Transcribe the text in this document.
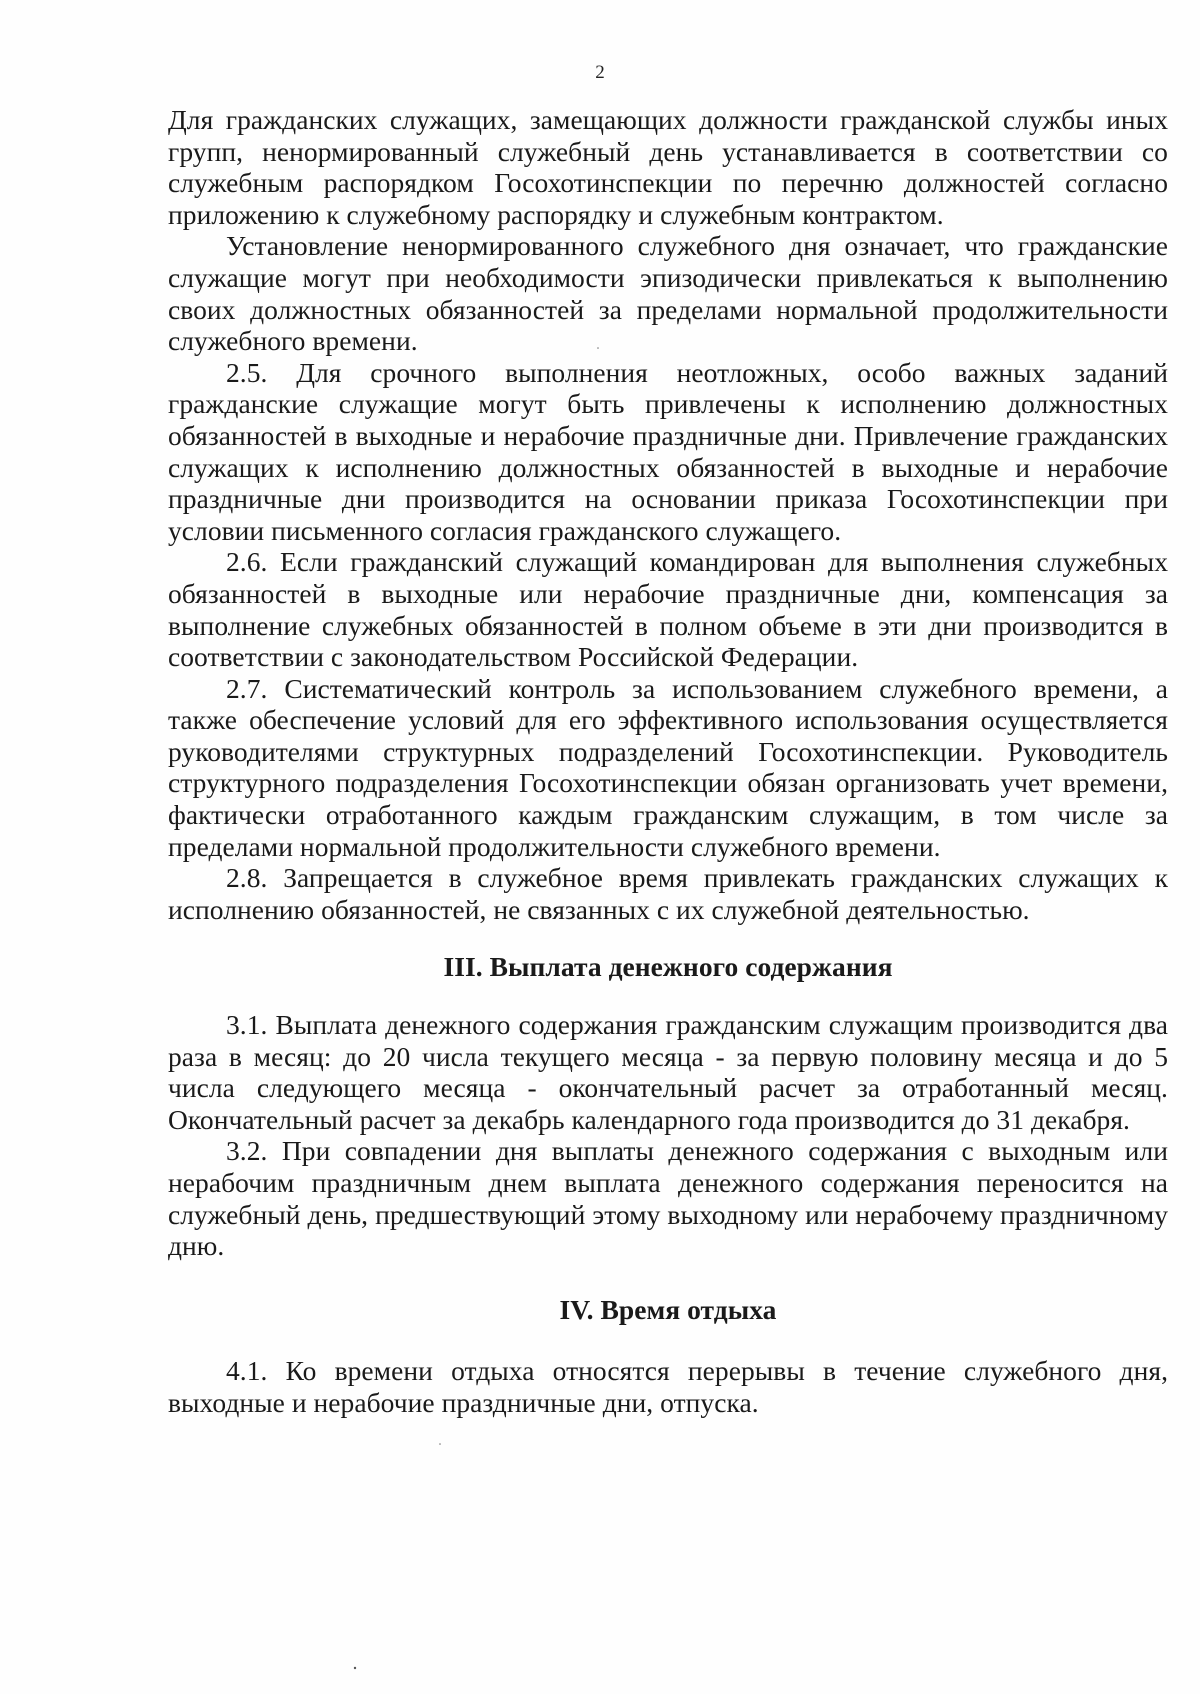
2

Для гражданских служащих, замещающих должности гражданской службы иных групп, ненормированный служебный день устанавливается в соответствии со служебным распорядком Госохотинспекции по перечню должностей согласно приложению к служебному распорядку и служебным контрактом.

Установление ненормированного служебного дня означает, что гражданские служащие могут при необходимости эпизодически привлекаться к выполнению своих должностных обязанностей за пределами нормальной продолжительности служебного времени.

2.5. Для срочного выполнения неотложных, особо важных заданий гражданские служащие могут быть привлечены к исполнению должностных обязанностей в выходные и нерабочие праздничные дни. Привлечение гражданских служащих к исполнению должностных обязанностей в выходные и нерабочие праздничные дни производится на основании приказа Госохотинспекции при условии письменного согласия гражданского служащего.

2.6. Если гражданский служащий командирован для выполнения служебных обязанностей в выходные или нерабочие праздничные дни, компенсация за выполнение служебных обязанностей в полном объеме в эти дни производится в соответствии с законодательством Российской Федерации.

2.7. Систематический контроль за использованием служебного времени, а также обеспечение условий для его эффективного использования осуществляется руководителями структурных подразделений Госохотинспекции. Руководитель структурного подразделения Госохотинспекции обязан организовать учет времени, фактически отработанного каждым гражданским служащим, в том числе за пределами нормальной продолжительности служебного времени.

2.8. Запрещается в служебное время привлекать гражданских служащих к исполнению обязанностей, не связанных с их служебной деятельностью.

III. Выплата денежного содержания

3.1. Выплата денежного содержания гражданским служащим производится два раза в месяц: до 20 числа текущего месяца - за первую половину месяца и до 5 числа следующего месяца - окончательный расчет за отработанный месяц. Окончательный расчет за декабрь календарного года производится до 31 декабря.

3.2. При совпадении дня выплаты денежного содержания с выходным или нерабочим праздничным днем выплата денежного содержания переносится на служебный день, предшествующий этому выходному или нерабочему праздничному дню.

IV. Время отдыха

4.1. Ко времени отдыха относятся перерывы в течение служебного дня, выходные и нерабочие праздничные дни, отпуска.
